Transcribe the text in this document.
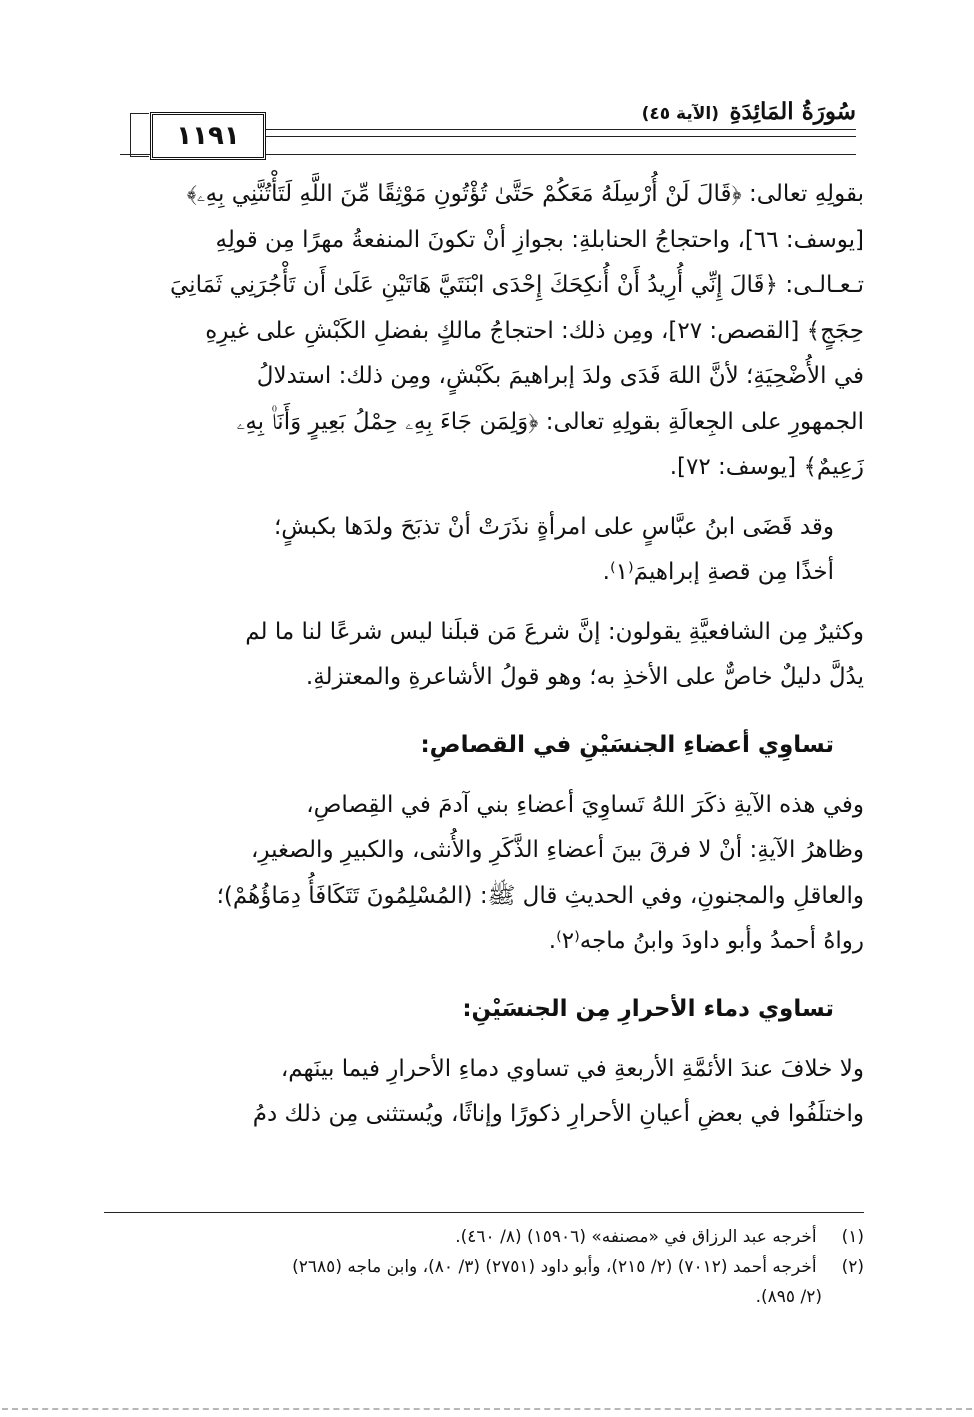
١١٩١
سُورَةُ المَائِدَةِ
(الآية ٤٥)
بقولِهِ تعالى: ﴿قَالَ لَنْ أُرْسِلَهُ مَعَكُمْ حَتَّىٰ تُؤْتُونِ مَوْثِقًا مِّنَ اللَّهِ لَتَأْتُنَّنِي بِهِۦ﴾
[يوسف: ٦٦]، واحتجاجُ الحنابلةِ: بجوازِ أنْ تكونَ المنفعةُ مهرًا مِن قولِهِ
تـعـالـى: ﴿قَالَ إِنِّي أُرِيدُ أَنْ أُنكِحَكَ إِحْدَى ابْنَتَيَّ هَاتَيْنِ عَلَىٰ أَن تَأْجُرَنِي ثَمَانِيَ
حِجَجٍ﴾ [القصص: ٢٧]، ومِن ذلك: احتجاجُ مالكٍ بفضلِ الكَبْشِ على غيرِهِ
في الأُضْحِيَةِ؛ لأنَّ اللهَ فَدَى ولدَ إبراهيمَ بكَبْشٍ، ومِن ذلك: استدلالُ
الجمهورِ على الجِعالَةِ بقولِهِ تعالى: ﴿وَلِمَن جَاءَ بِهِۦ حِمْلُ بَعِيرٍ وَأَنَا۠ بِهِۦ
زَعِيمٌ﴾ [يوسف: ٧٢].
وقد قَضَى ابنُ عبَّاسٍ على امرأةٍ نذَرَتْ أنْ تذبَحَ ولدَها بكبشٍ؛
أخذًا مِن قصةِ إبراهيمَ⁽١⁾.
وكثيرٌ مِن الشافعيَّةِ يقولون: إنَّ شرعَ مَن قبلَنا ليس شرعًا لنا ما لم
يدُلَّ دليلٌ خاصٌّ على الأخذِ به؛ وهو قولُ الأشاعرةِ والمعتزلةِ.
تساوِي أعضاءِ الجنسَيْنِ في القصاصِ:
وفي هذه الآيةِ ذكَرَ اللهُ تَساوِيَ أعضاءِ بني آدمَ في القِصاصِ،
وظاهرُ الآيةِ: أنْ لا فرقَ بينَ أعضاءِ الذَّكَرِ والأُنثى، والكبيرِ والصغيرِ،
والعاقلِ والمجنونِ، وفي الحديثِ قال ﷺ: (المُسْلِمُونَ تَتَكَافَأُ دِمَاؤُهُمْ)؛
رواهُ أحمدُ وأبو داودَ وابنُ ماجه⁽٢⁾.
تساوي دماء الأحرارِ مِن الجنسَيْنِ:
ولا خلافَ عندَ الأئمَّةِ الأربعةِ في تساوي دماءِ الأحرارِ فيما بينَهم،
واختلَفُوا في بعضِ أعيانِ الأحرارِ ذكورًا وإناثًا، ويُستثنى مِن ذلك دمُ
(١) أخرجه عبد الرزاق في «مصنفه» (١٥٩٠٦) (٨/ ٤٦٠).
(٢) أخرجه أحمد (٧٠١٢) (٢/ ٢١٥)، وأبو داود (٢٧٥١) (٣/ ٨٠)، وابن ماجه (٢٦٨٥)
(٢/ ٨٩٥).
